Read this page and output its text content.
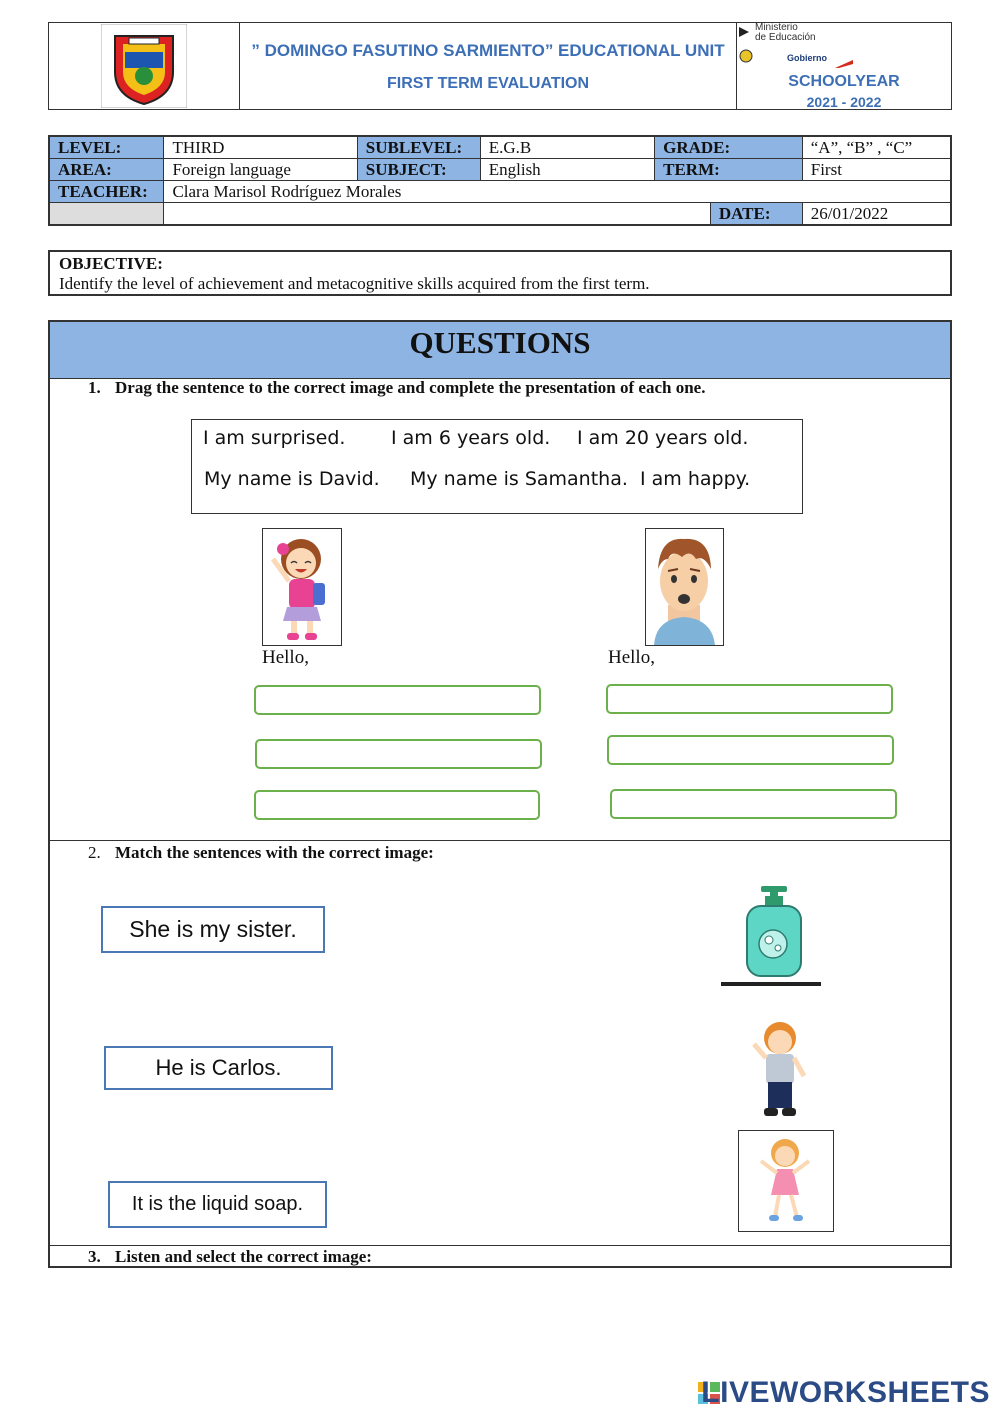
” DOMINGO FASUTINO SARMIENTO” EDUCATIONAL UNIT
FIRST TERM EVALUATION
Ministerio
de Educación
Gobierno
SCHOOLYEAR
2021 - 2022
LEVEL:	THIRD	SUBLEVEL:	E.G.B	GRADE:		“A”, “B” , “C”
AREA:	Foreign language	SUBJECT:	English	TERM:		First
TEACHER:	Clara Marisol Rodríguez Morales					
					DATE:	26/01/2022
OBJECTIVE:
Identify the level of achievement and metacognitive skills acquired from the first term.
QUESTIONS
1. Drag the sentence to the correct image and complete the presentation of each one.
I am surprised. I am 6 years old. I am 20 years old.
My name is David. My name is Samantha. I am happy.
Hello,	Hello,
2. Match the sentences with the correct image:
She is my sister.
He is Carlos.
It is the liquid soap.
3. Listen and select the correct image:
LIVEWORKSHEETS
